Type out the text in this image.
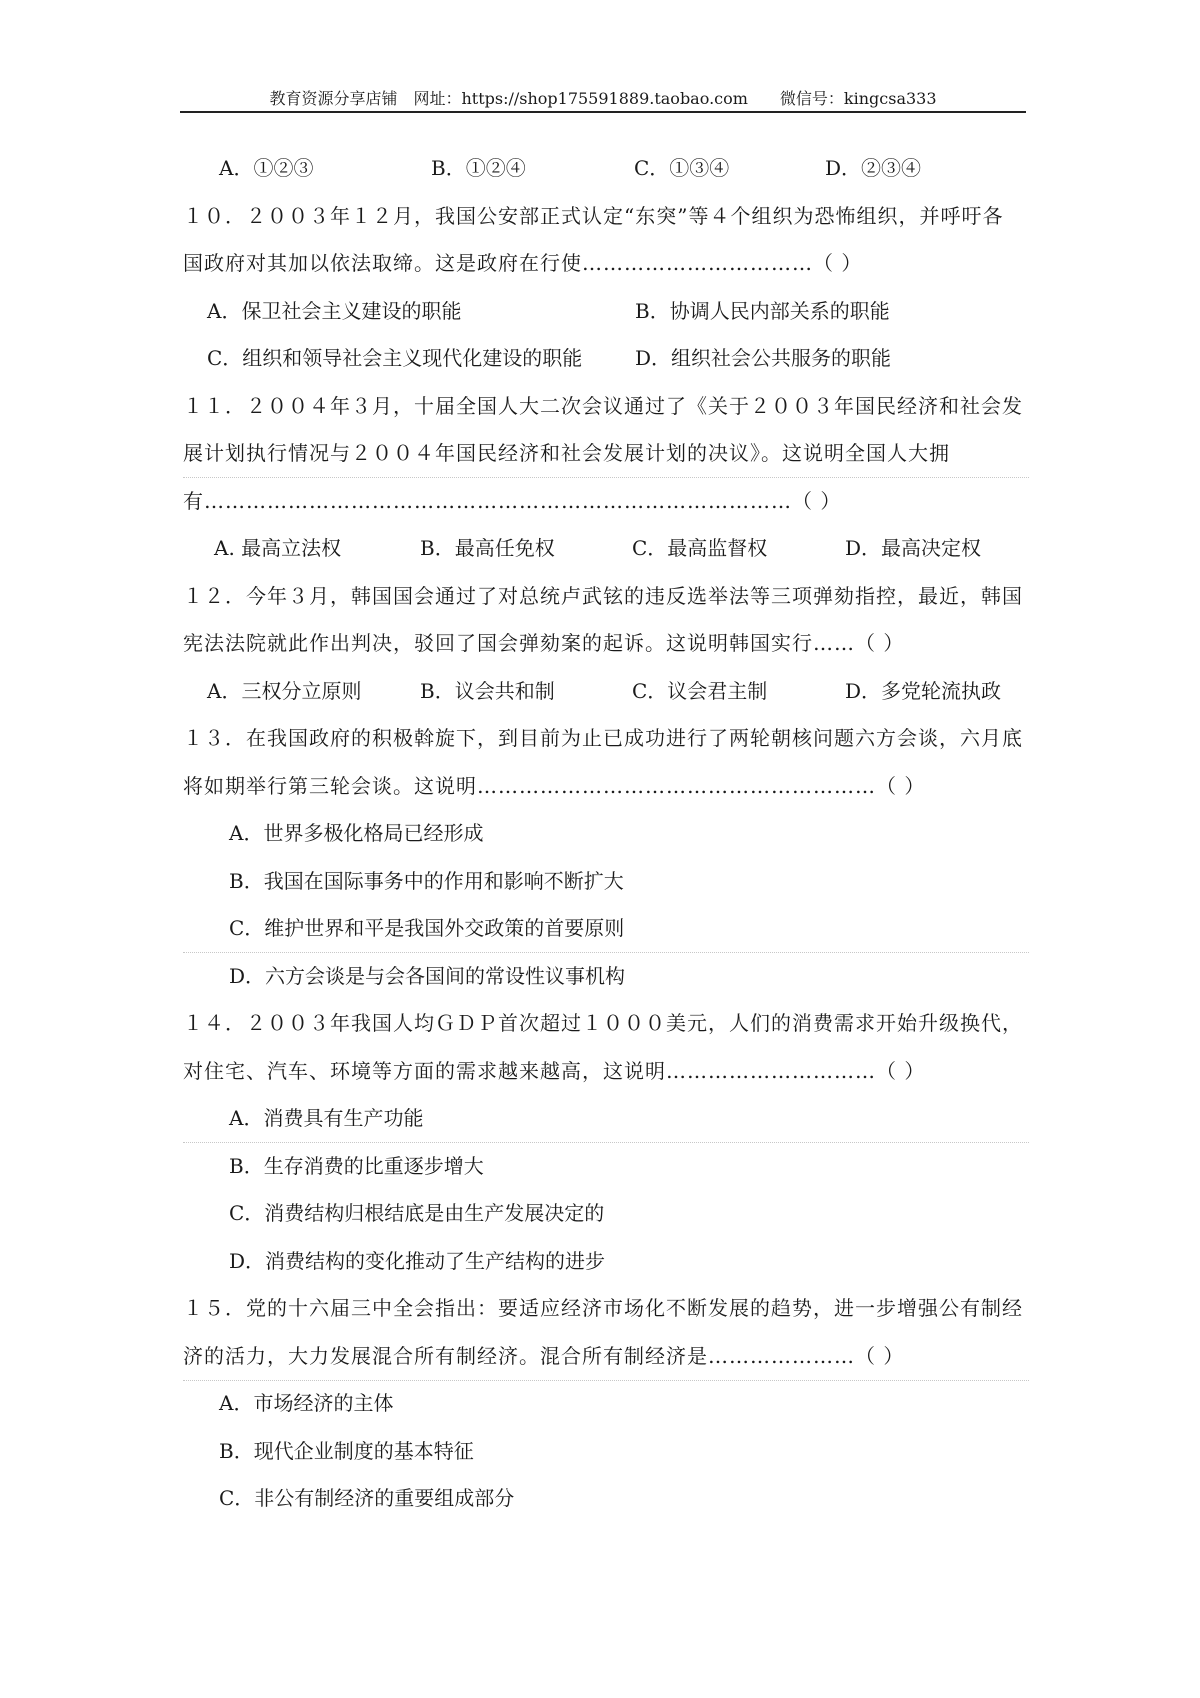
教育资源分享店铺　网址：https://shop175591889.taobao.com　　微信号：kingcsa333
A．①②③	B．①②④	C．①③④	D．②③④
１０．２００３年１２月，我国公安部正式认定“东突”等４个组织为恐怖组织，并呼吁各
国政府对其加以依法取缔。这是政府在行使……………………………（ ）
A．保卫社会主义建设的职能	B．协调人民内部关系的职能
C．组织和领导社会主义现代化建设的职能	D．组织社会公共服务的职能
１１．２００４年３月，十届全国人大二次会议通过了《关于２００３年国民经济和社会发
展计划执行情况与２００４年国民经济和社会发展计划的决议》。这说明全国人大拥
有…………………………………………………………………………（ ）
A. 最高立法权	B．最高任免权	C．最高监督权	D．最高决定权
１２．今年３月，韩国国会通过了对总统卢武铉的违反选举法等三项弹劾指控，最近，韩国
宪法法院就此作出判决，驳回了国会弹劾案的起诉。这说明韩国实行……（ ）
A．三权分立原则	B．议会共和制	C．议会君主制	D．多党轮流执政
１３．在我国政府的积极斡旋下，到目前为止已成功进行了两轮朝核问题六方会谈，六月底
将如期举行第三轮会谈。这说明…………………………………………………（ ）
A．世界多极化格局已经形成
B．我国在国际事务中的作用和影响不断扩大
C．维护世界和平是我国外交政策的首要原则
D．六方会谈是与会各国间的常设性议事机构
１４．２００３年我国人均ＧＤＰ首次超过１０００美元，人们的消费需求开始升级换代，
对住宅、汽车、环境等方面的需求越来越高，这说明…………………………（ ）
A．消费具有生产功能
B．生存消费的比重逐步增大
C．消费结构归根结底是由生产发展决定的
D．消费结构的变化推动了生产结构的进步
１５．党的十六届三中全会指出：要适应经济市场化不断发展的趋势，进一步增强公有制经
济的活力，大力发展混合所有制经济。混合所有制经济是…………………（ ）
A．市场经济的主体
B．现代企业制度的基本特征
C．非公有制经济的重要组成部分
